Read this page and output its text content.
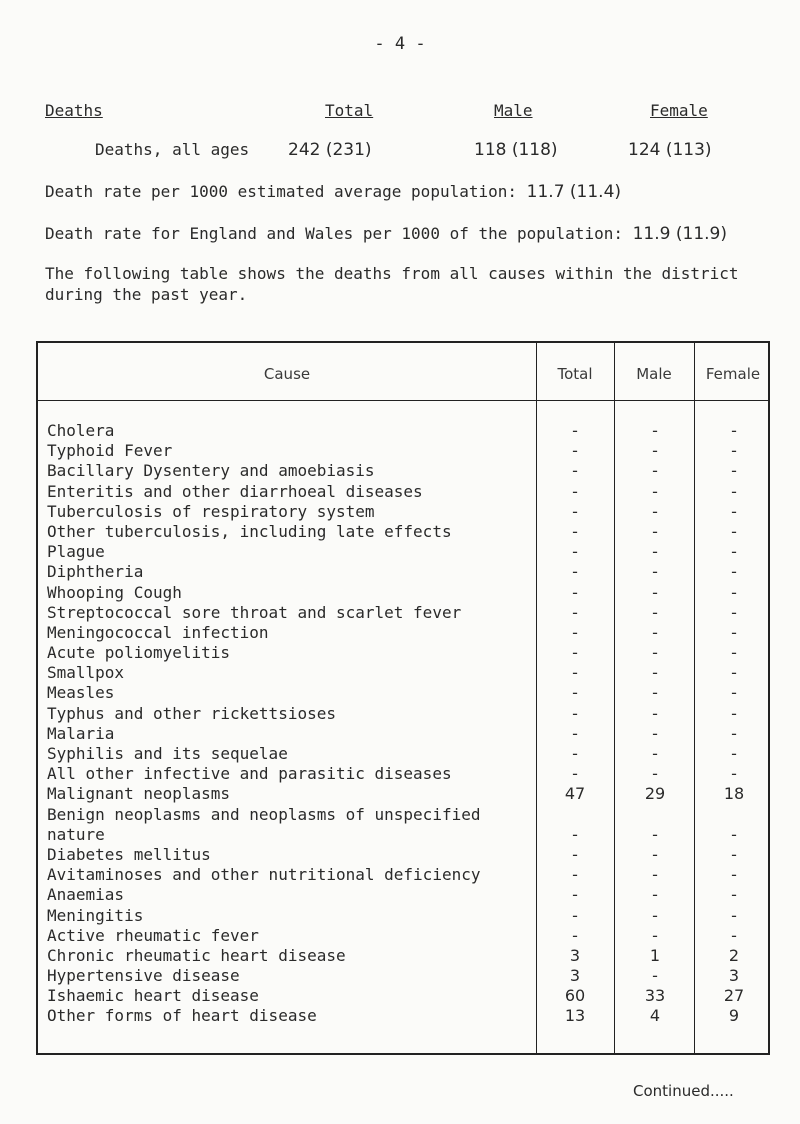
- 4 -
Deaths	Total	Male	Female
Deaths, all ages 242 (231)	118 (118)	124 (113)
Death rate per 1000 estimated average population: 11.7 (11.4)
Death rate for England and Wales per 1000 of the population: 11.9 (11.9)
The following table shows the deaths from all causes within the district during the past year.
Cause	Total	Male	Female
Cholera	-	-	-
Typhoid Fever	-	-	-
Bacillary Dysentery and amoebiasis	-	-	-
Enteritis and other diarrhoeal diseases	-	-	-
Tuberculosis of respiratory system	-	-	-
Other tuberculosis, including late effects	-	-	-
Plague	-	-	-
Diphtheria	-	-	-
Whooping Cough	-	-	-
Streptococcal sore throat and scarlet fever	-	-	-
Meningococcal infection	-	-	-
Acute poliomyelitis	-	-	-
Smallpox	-	-	-
Measles	-	-	-
Typhus and other rickettsioses	-	-	-
Malaria	-	-	-
Syphilis and its sequelae	-	-	-
All other infective and parasitic diseases	-	-	-
Malignant neoplasms	47	29	18
Benign neoplasms and neoplasms of unspecified
nature	-	-	-
Diabetes mellitus	-	-	-
Avitaminoses and other nutritional deficiency	-	-	-
Anaemias	-	-	-
Meningitis	-	-	-
Active rheumatic fever	-	-	-
Chronic rheumatic heart disease	3	1	2
Hypertensive disease	3	-	3
Ishaemic heart disease	60	33	27
Other forms of heart disease	13	4	9
Continued.....
